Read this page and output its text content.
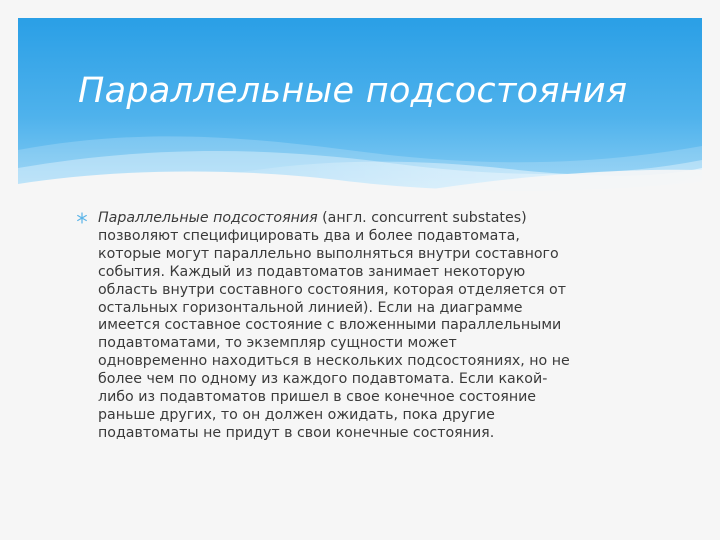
Параллельные подсостояния

Параллельные подсостояния (англ. concurrent substates)
позволяют специфицировать два и более подавтомата,
которые могут параллельно выполняться внутри составного
события. Каждый из подавтоматов занимает некоторую
область внутри составного состояния, которая отделяется от
остальных горизонтальной линией). Если на диаграмме
имеется составное состояние с вложенными параллельными
подавтоматами, то экземпляр сущности может
одновременно находиться в нескольких подсостояниях, но не
более чем по одному из каждого подавтомата. Если какой-
либо из подавтоматов пришел в свое конечное состояние
раньше других, то он должен ожидать, пока другие
подавтоматы не придут в свои конечные состояния.
